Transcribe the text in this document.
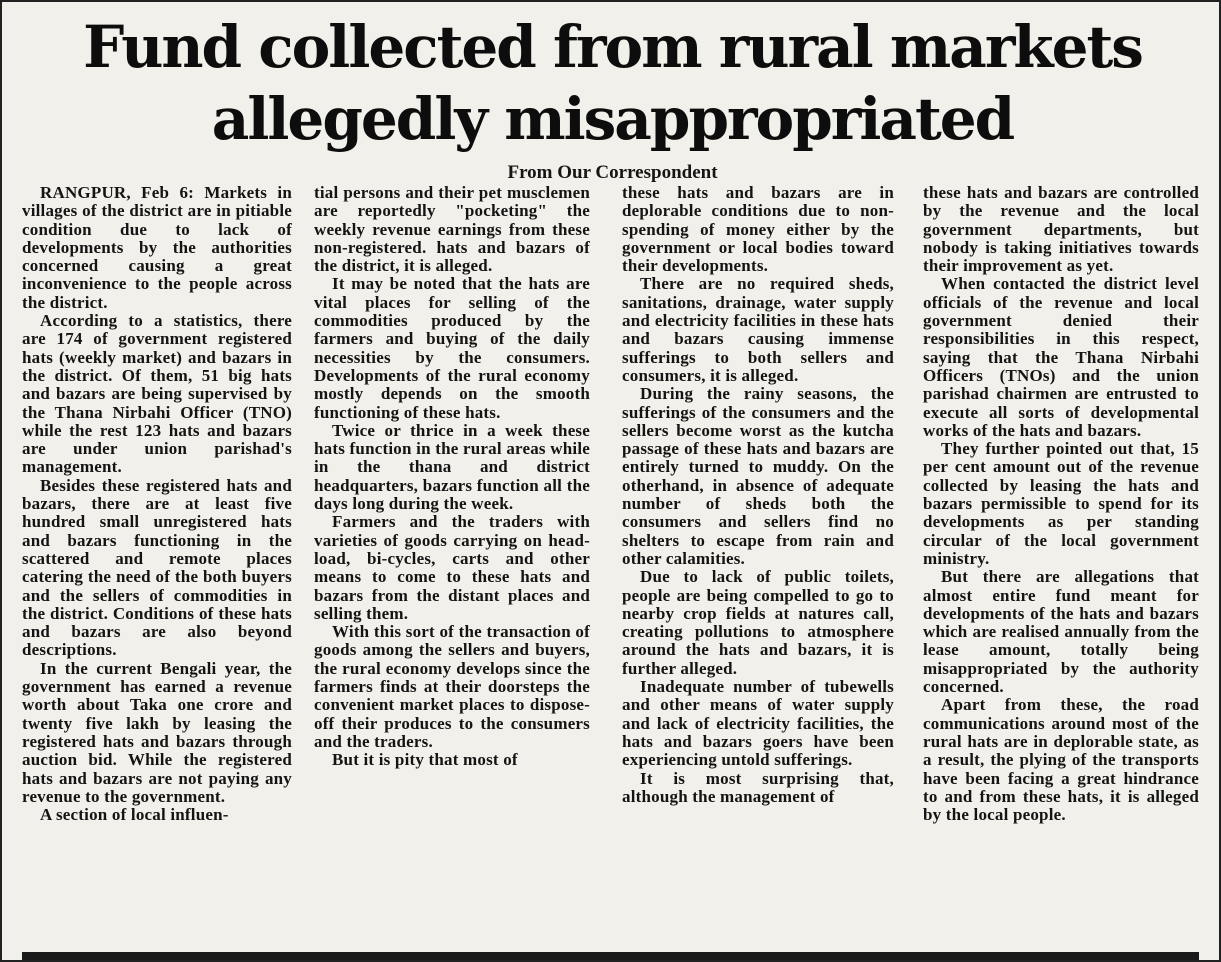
Fund collected from rural markets
allegedly misappropriated
From Our Correspondent

RANGPUR, Feb 6: Markets in villages of the district are in pitiable condition due to lack of developments by the authorities concerned causing a great inconvenience to the people across the district.

According to a statistics, there are 174 of government registered hats (weekly market) and bazars in the district. Of them, 51 big hats and bazars are being supervised by the Thana Nirbahi Officer (TNO) while the rest 123 hats and bazars are under union parishad's management.

Besides these registered hats and bazars, there are at least five hundred small unregistered hats and bazars functioning in the scattered and remote places catering the need of the both buyers and the sellers of commodities in the district. Conditions of these hats and bazars are also beyond descriptions.

In the current Bengali year, the government has earned a revenue worth about Taka one crore and twenty five lakh by leasing the registered hats and bazars through auction bid. While the registered hats and bazars are not paying any revenue to the government.

A section of local influen-

tial persons and their pet musclemen are reportedly "pocketing" the weekly revenue earnings from these non-registered. hats and bazars of the district, it is alleged.

It may be noted that the hats are vital places for selling of the commodities produced by the farmers and buying of the daily necessities by the consumers. Developments of the rural economy mostly depends on the smooth functioning of these hats.

Twice or thrice in a week these hats function in the rural areas while in the thana and district headquarters, bazars function all the days long during the week.

Farmers and the traders with varieties of goods carrying on head-load, bi-cycles, carts and other means to come to these hats and bazars from the distant places and selling them.

With this sort of the transaction of goods among the sellers and buyers, the rural economy develops since the farmers finds at their doorsteps the convenient market places to dispose-off their produces to the consumers and the traders.

But it is pity that most of

these hats and bazars are in deplorable conditions due to non-spending of money either by the government or local bodies toward their developments.

There are no required sheds, sanitations, drainage, water supply and electricity facilities in these hats and bazars causing immense sufferings to both sellers and consumers, it is alleged.

During the rainy seasons, the sufferings of the consumers and the sellers become worst as the kutcha passage of these hats and bazars are entirely turned to muddy. On the otherhand, in absence of adequate number of sheds both the consumers and sellers find no shelters to escape from rain and other calamities.

Due to lack of public toilets, people are being compelled to go to nearby crop fields at natures call, creating pollutions to atmosphere around the hats and bazars, it is further alleged.

Inadequate number of tubewells and other means of water supply and lack of electricity facilities, the hats and bazars goers have been experiencing untold sufferings.

It is most surprising that, although the management of

these hats and bazars are controlled by the revenue and the local government departments, but nobody is taking initiatives towards their improvement as yet.

When contacted the district level officials of the revenue and local government denied their responsibilities in this respect, saying that the Thana Nirbahi Officers (TNOs) and the union parishad chairmen are entrusted to execute all sorts of developmental works of the hats and bazars.

They further pointed out that, 15 per cent amount out of the revenue collected by leasing the hats and bazars permissible to spend for its developments as per standing circular of the local government ministry.

But there are allegations that almost entire fund meant for developments of the hats and bazars which are realised annually from the lease amount, totally being misappropriated by the authority concerned.

Apart from these, the road communications around most of the rural hats are in deplorable state, as a result, the plying of the transports have been facing a great hindrance to and from these hats, it is alleged by the local people.
